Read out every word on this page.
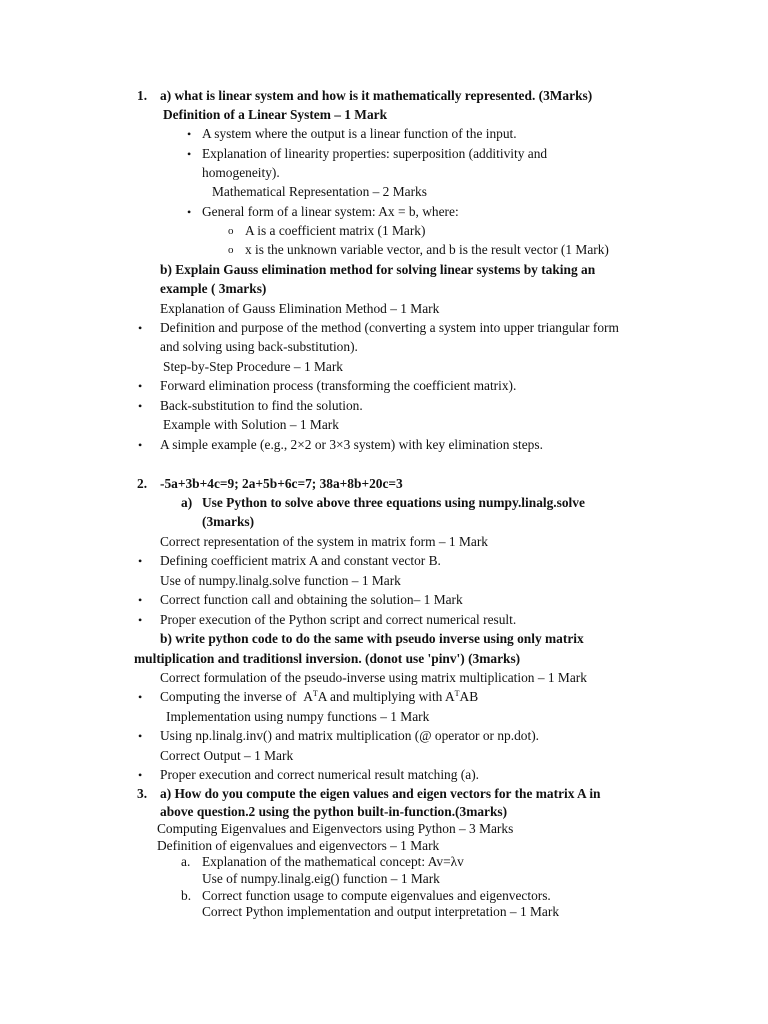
1. a) what is linear system and how is it mathematically represented. (3Marks)
Definition of a Linear System – 1 Mark
• A system where the output is a linear function of the input.
• Explanation of linearity properties: superposition (additivity and
homogeneity).
Mathematical Representation – 2 Marks
• General form of a linear system: Ax = b, where:
o A is a coefficient matrix (1 Mark)
o x is the unknown variable vector, and b is the result vector (1 Mark)
b) Explain Gauss elimination method for solving linear systems by taking an
example ( 3marks)
Explanation of Gauss Elimination Method – 1 Mark
• Definition and purpose of the method (converting a system into upper triangular form
and solving using back-substitution).
Step-by-Step Procedure – 1 Mark
• Forward elimination process (transforming the coefficient matrix).
• Back-substitution to find the solution.
Example with Solution – 1 Mark
• A simple example (e.g., 2×2 or 3×3 system) with key elimination steps.
2. -5a+3b+4c=9; 2a+5b+6c=7; 38a+8b+20c=3
a) Use Python to solve above three equations using numpy.linalg.solve
(3marks)
Correct representation of the system in matrix form – 1 Mark
• Defining coefficient matrix A and constant vector B.
Use of numpy.linalg.solve function – 1 Mark
• Correct function call and obtaining the solution– 1 Mark
• Proper execution of the Python script and correct numerical result.
b) write python code to do the same with pseudo inverse using only matrix
multiplication and traditionsl inversion. (donot use 'pinv') (3marks)
Correct formulation of the pseudo-inverse using matrix multiplication – 1 Mark
• Computing the inverse of $A^TA$ and multiplying with $A^TAB$
Implementation using numpy functions – 1 Mark
• Using np.linalg.inv() and matrix multiplication (@ operator or np.dot).
Correct Output – 1 Mark
• Proper execution and correct numerical result matching (a).
3. a) How do you compute the eigen values and eigen vectors for the matrix A in
above question.2 using the python built-in-function.(3marks)
Computing Eigenvalues and Eigenvectors using Python – 3 Marks
Definition of eigenvalues and eigenvectors – 1 Mark
a. Explanation of the mathematical concept: Av=λv
Use of numpy.linalg.eig() function – 1 Mark
b. Correct function usage to compute eigenvalues and eigenvectors.
Correct Python implementation and output interpretation – 1 Mark
